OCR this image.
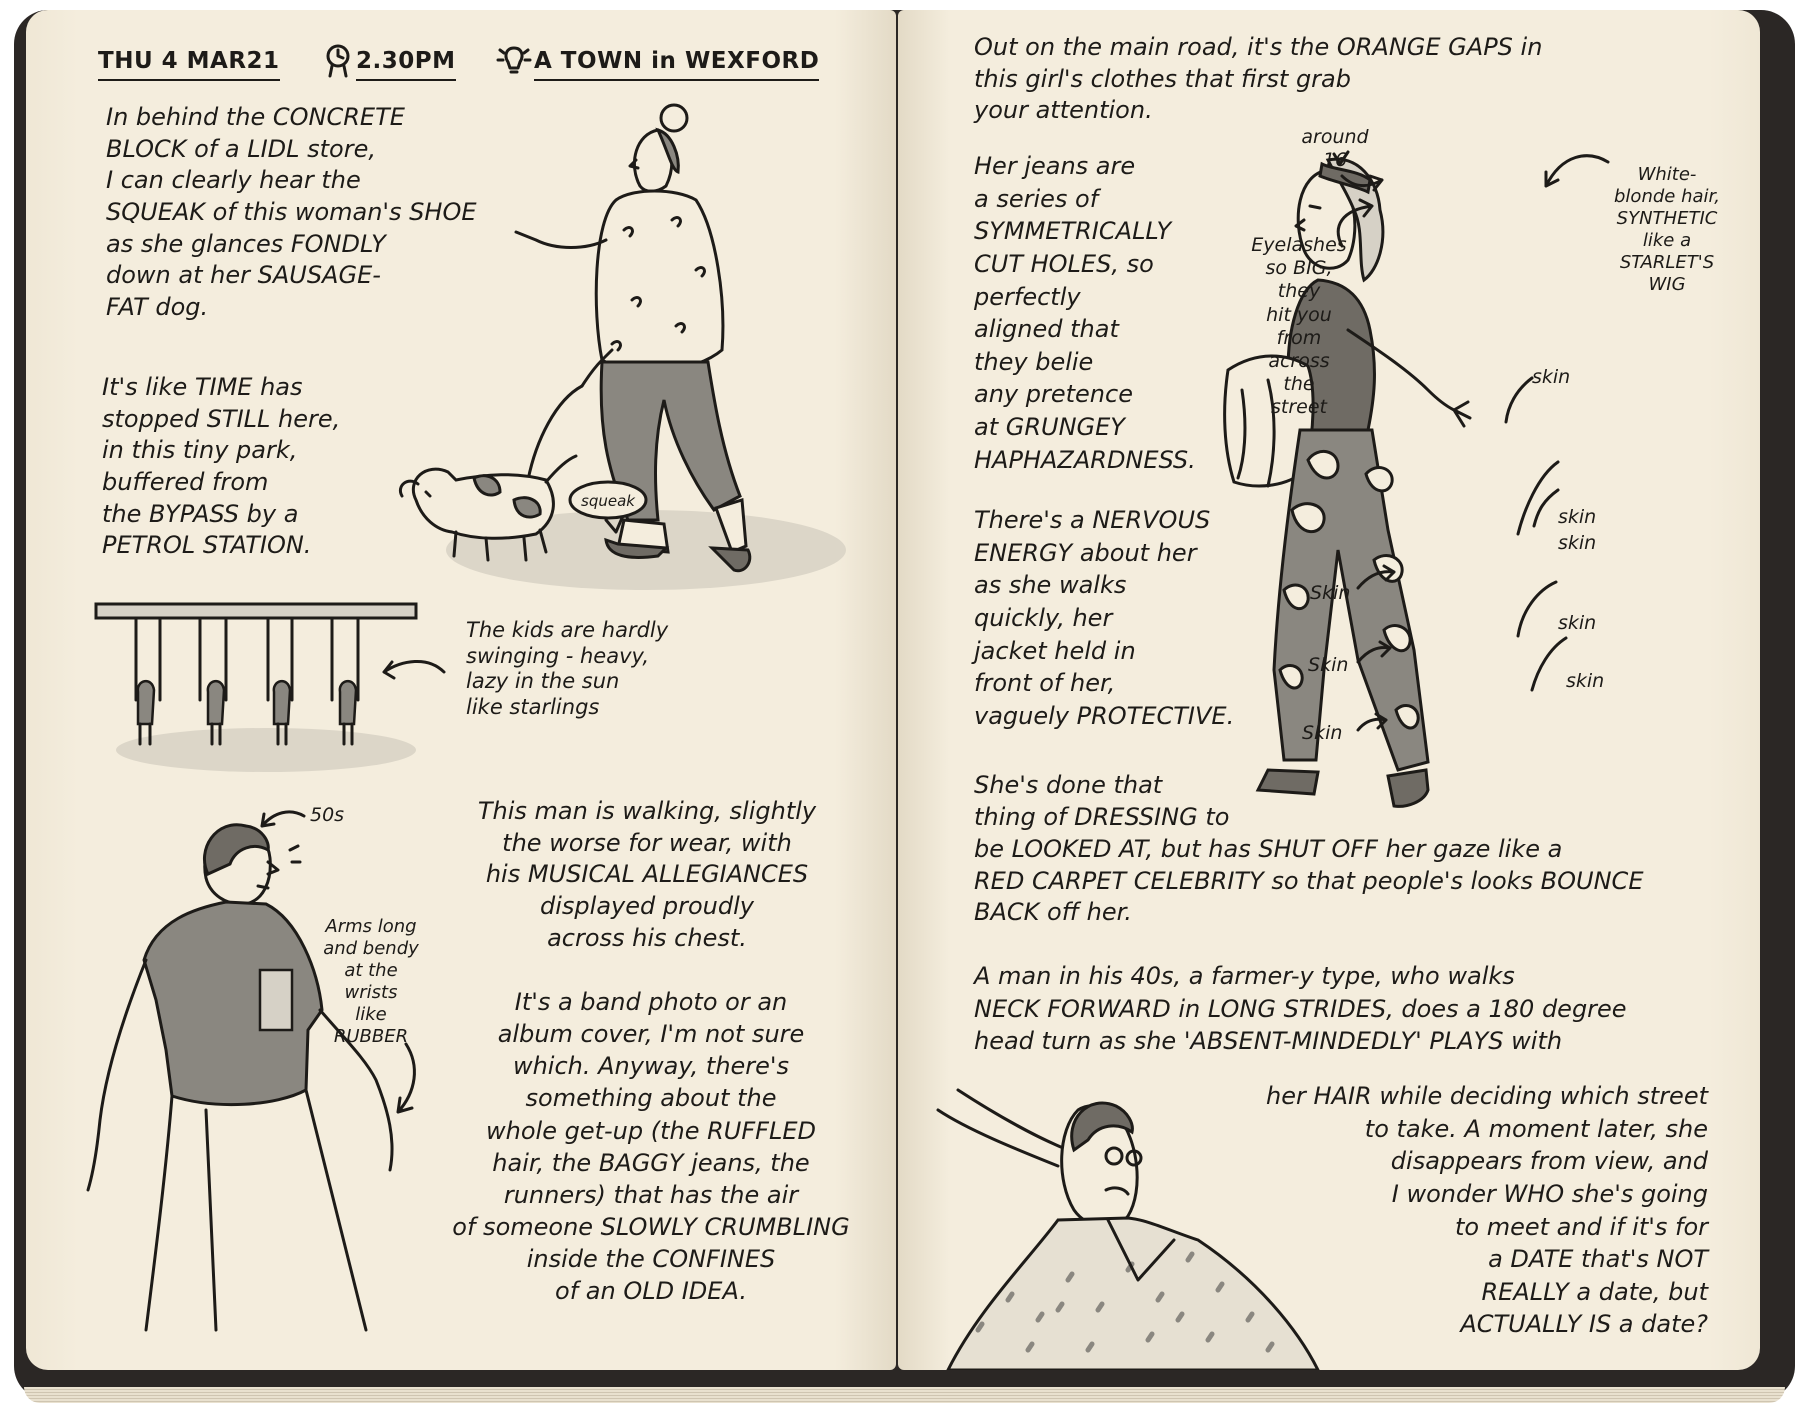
THU 4 MAR21	2.30PM	A TOWN in WEXFORD

In behind the CONCRETE
BLOCK of a LIDL store,
I can clearly hear the
SQUEAK of this woman's SHOE
as she glances FONDLY
down at her SAUSAGE-
FAT dog.

It's like TIME has
stopped STILL here,
in this tiny park,
buffered from
the BYPASS by a
PETROL STATION.

squeak

The kids are hardly
swinging - heavy,
lazy in the sun
like starlings

50s

Arms long
and bendy
at the
wrists
like
RUBBER

This man is walking, slightly
the worse for wear, with
his MUSICAL ALLEGIANCES
displayed proudly
across his chest.

It's a band photo or an
album cover, I'm not sure
which. Anyway, there's
something about the
whole get-up (the RUFFLED
hair, the BAGGY jeans, the
runners) that has the air
of someone SLOWLY CRUMBLING
inside the CONFINES
of an OLD IDEA.

Out on the main road, it's the ORANGE GAPS in
this girl's clothes that first grab
your attention.

Her jeans are
a series of
SYMMETRICALLY
CUT HOLES, so
perfectly
aligned that
they belie
any pretence
at GRUNGEY
HAPHAZARDNESS.

There's a NERVOUS
ENERGY about her
as she walks
quickly, her
jacket held in
front of her,
vaguely PROTECTIVE.

around
16

White-
blonde hair,
SYNTHETIC
like a
STARLET'S
WIG

Eyelashes
so BIG,
they
hit you
from
across
the
street

skin
skin
skin
skin
skin
Skin
Skin
Skin

She's done that
thing of DRESSING to

be LOOKED AT, but has SHUT OFF her gaze like a
RED CARPET CELEBRITY so that people's looks BOUNCE
BACK off her.

A man in his 40s, a farmer-y type, who walks
NECK FORWARD in LONG STRIDES, does a 180 degree
head turn as she 'ABSENT-MINDEDLY' PLAYS with

her HAIR while deciding which street
to take. A moment later, she
disappears from view, and
I wonder WHO she's going
to meet and if it's for
a DATE that's NOT
REALLY a date, but
ACTUALLY IS a date?
